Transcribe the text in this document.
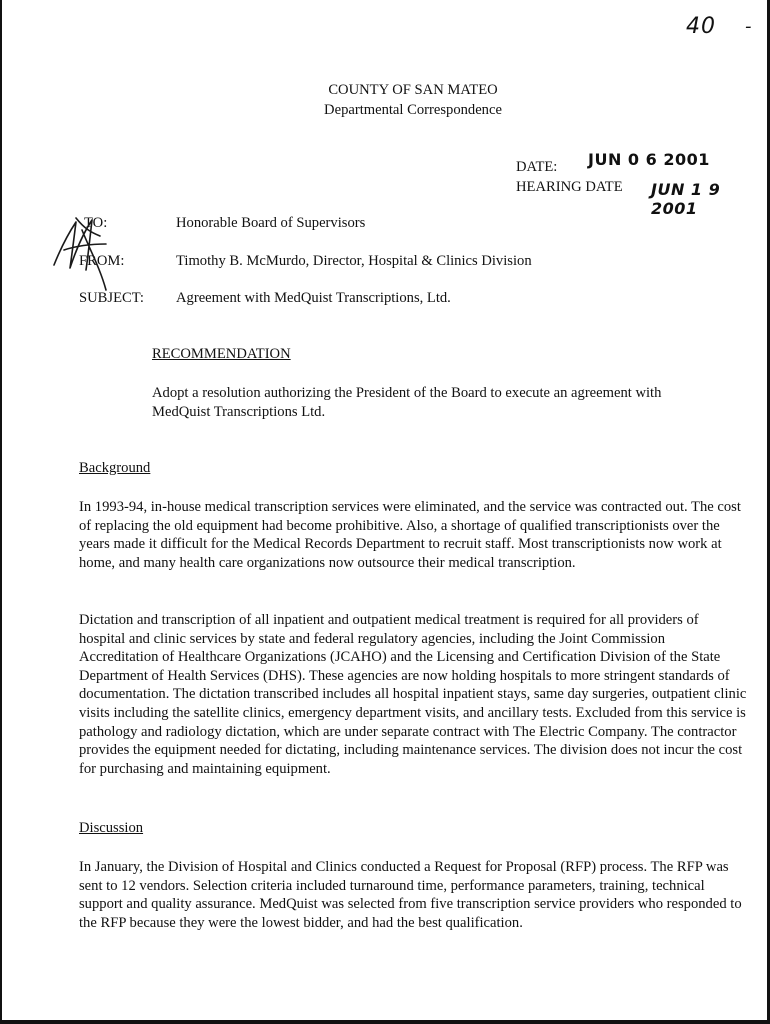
40 -
COUNTY OF SAN MATEO
Departmental Correspondence
DATE: JUN 0 6 2001
HEARING DATE JUN 1 9 2001
TO:	Honorable Board of Supervisors
FROM:	Timothy B. McMurdo, Director, Hospital & Clinics Division
SUBJECT: Agreement with MedQuist Transcriptions, Ltd.
RECOMMENDATION

Adopt a resolution authorizing the President of the Board to execute an agreement with MedQuist Transcriptions Ltd.

Background

In 1993-94, in-house medical transcription services were eliminated, and the service was contracted out. The cost of replacing the old equipment had become prohibitive. Also, a shortage of qualified transcriptionists over the years made it difficult for the Medical Records Department to recruit staff. Most transcriptionists now work at home, and many health care organizations now outsource their medical transcription.

Dictation and transcription of all inpatient and outpatient medical treatment is required for all providers of hospital and clinic services by state and federal regulatory agencies, including the Joint Commission Accreditation of Healthcare Organizations (JCAHO) and the Licensing and Certification Division of the State Department of Health Services (DHS). These agencies are now holding hospitals to more stringent standards of documentation. The dictation transcribed includes all hospital inpatient stays, same day surgeries, outpatient clinic visits including the satellite clinics, emergency department visits, and ancillary tests. Excluded from this service is pathology and radiology dictation, which are under separate contract with The Electric Company. The contractor provides the equipment needed for dictating, including maintenance services. The division does not incur the cost for purchasing and maintaining equipment.

Discussion

In January, the Division of Hospital and Clinics conducted a Request for Proposal (RFP) process. The RFP was sent to 12 vendors. Selection criteria included turnaround time, performance parameters, training, technical support and quality assurance. MedQuist was selected from five transcription service providers who responded to the RFP because they were the lowest bidder, and had the best qualification.
